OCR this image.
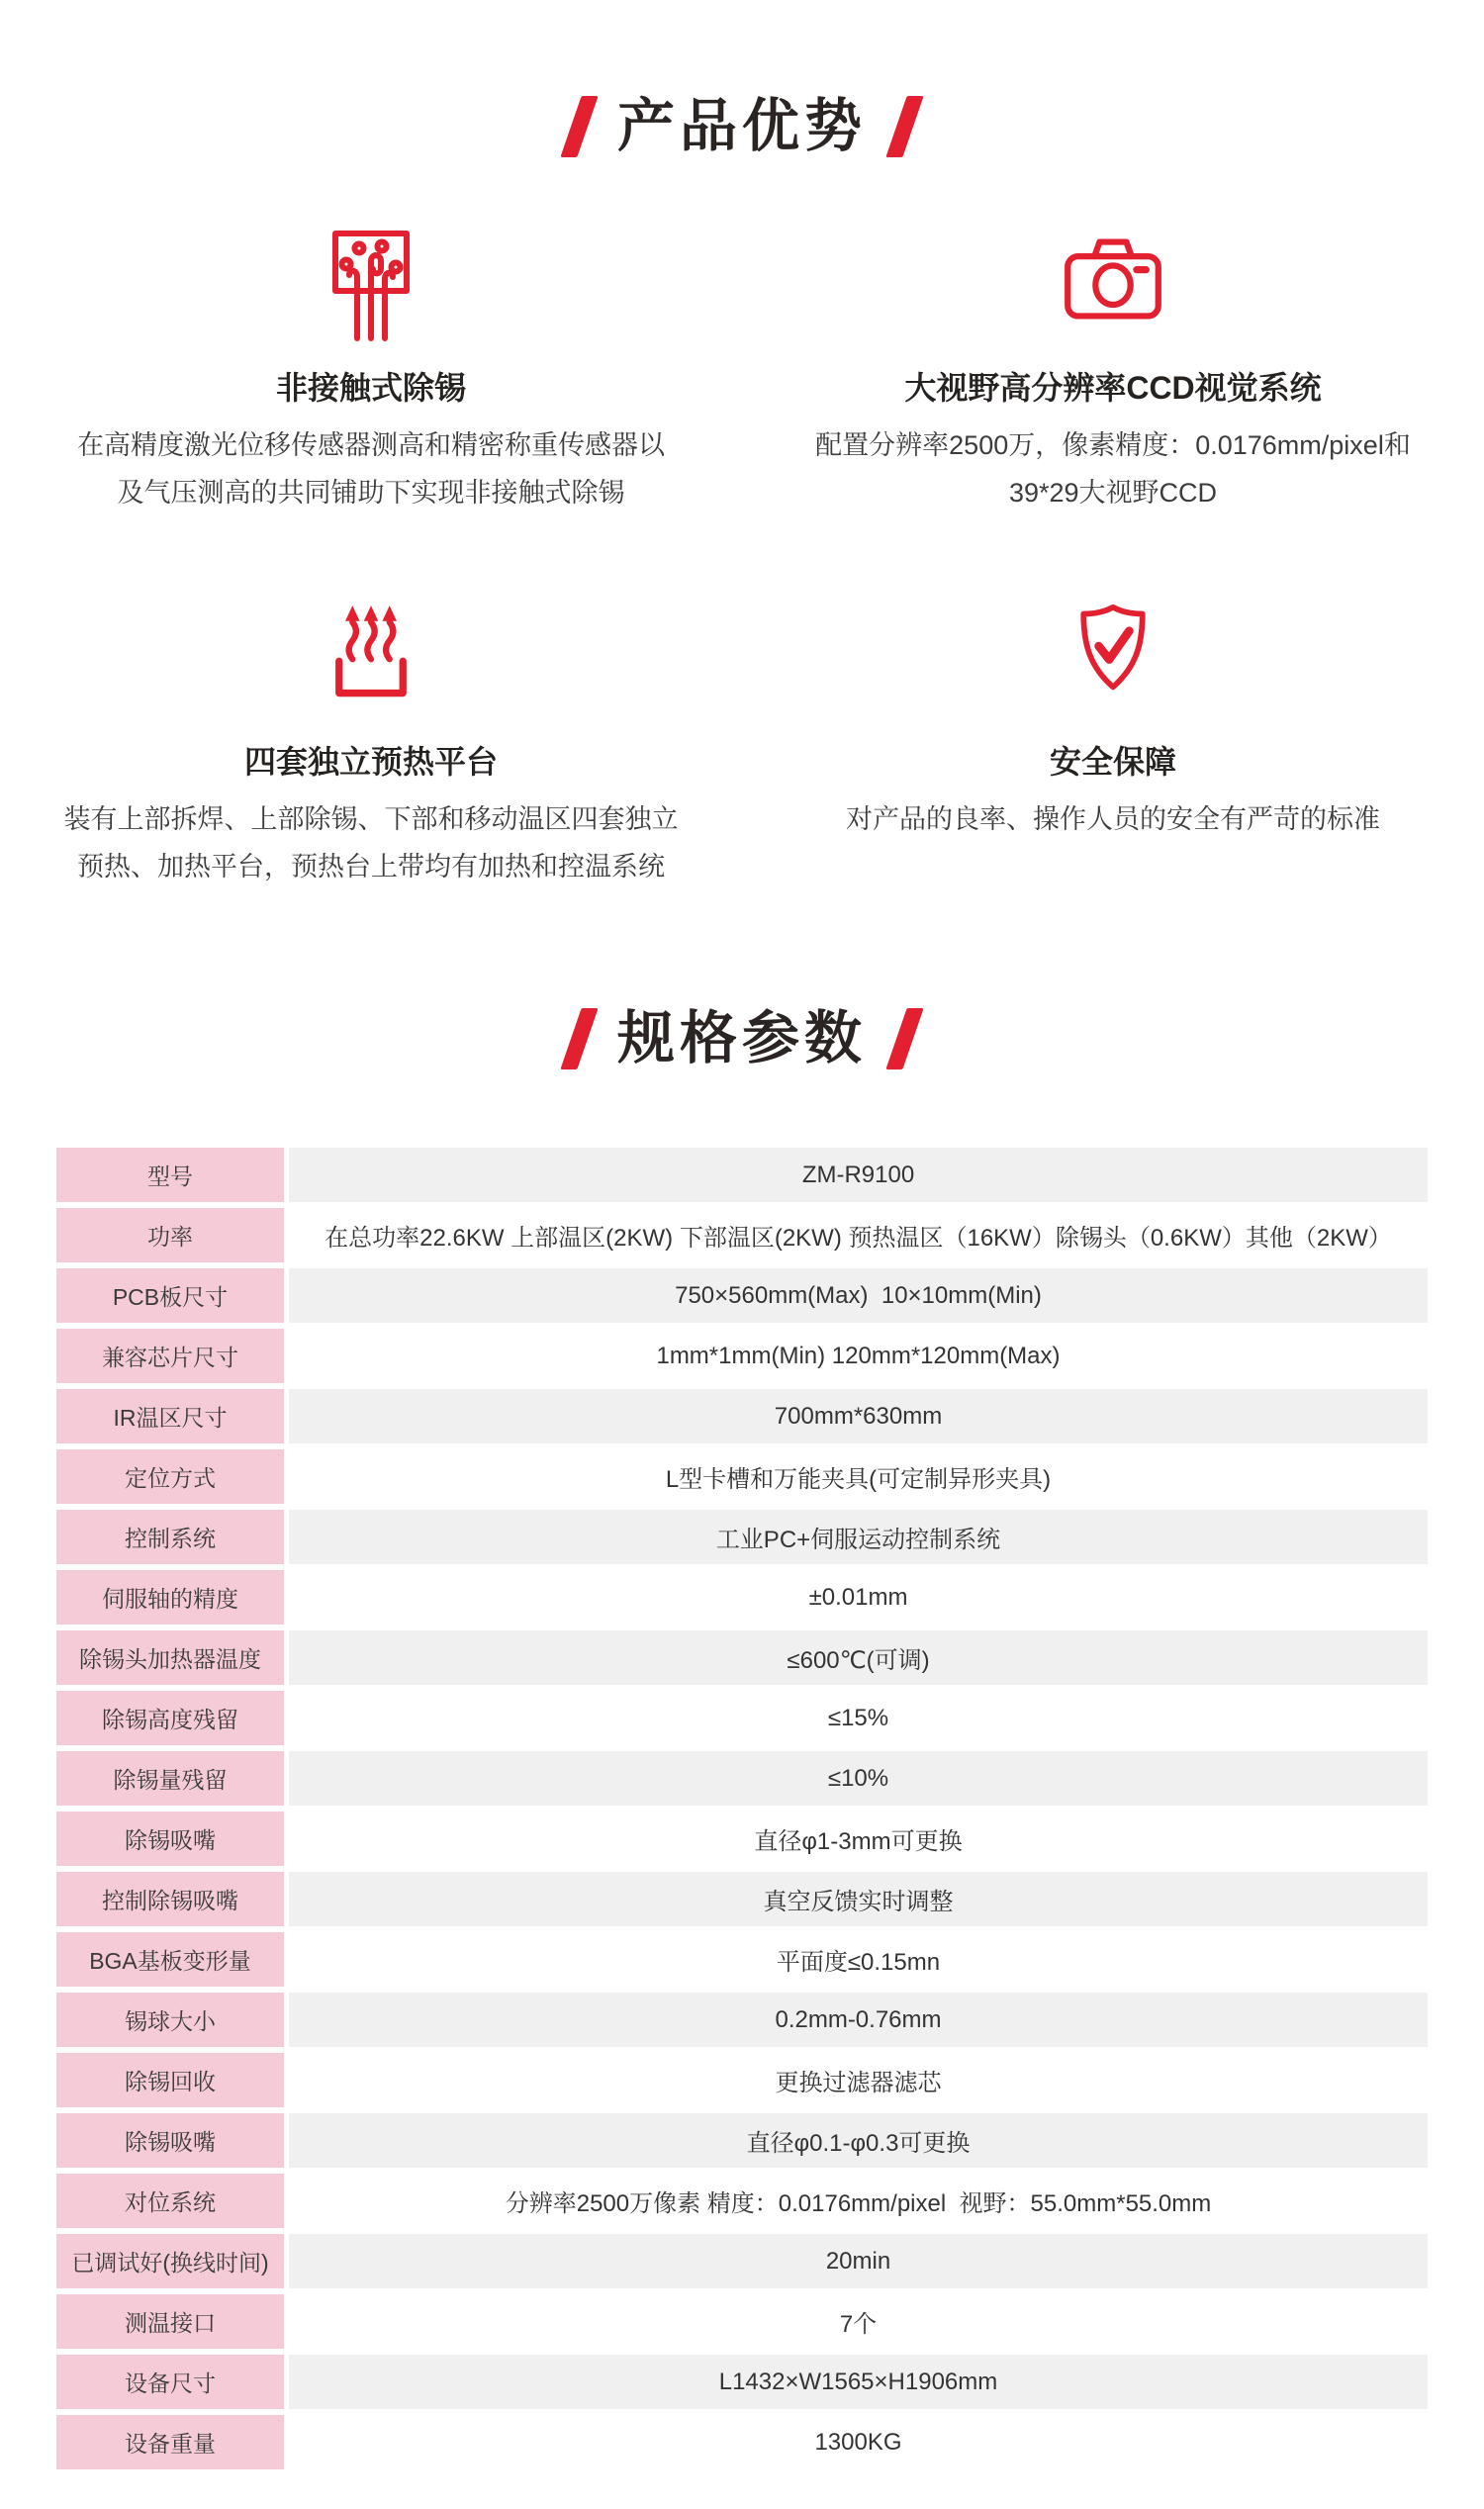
产品优势
非接触式除锡
在高精度激光位移传感器测高和精密称重传感器以
及气压测高的共同铺助下实现非接触式除锡
大视野高分辨率CCD视觉系统
配置分辨率2500万，像素精度：0.0176mm/pixel和
39*29大视野CCD
四套独立预热平台
装有上部拆焊、上部除锡、下部和移动温区四套独立
预热、加热平台，预热台上带均有加热和控温系统
安全保障
对产品的良率、操作人员的安全有严苛的标准
规格参数
型号	ZM-R9100
功率	在总功率22.6KW 上部温区(2KW) 下部温区(2KW) 预热温区（16KW）除锡头（0.6KW）其他（2KW）
PCB板尺寸	750×560mm(Max)  10×10mm(Min)
兼容芯片尺寸	1mm*1mm(Min) 120mm*120mm(Max)
IR温区尺寸	700mm*630mm
定位方式	L型卡槽和万能夹具(可定制异形夹具)
控制系统	工业PC+伺服运动控制系统
伺服轴的精度	±0.01mm
除锡头加热器温度	≤600℃(可调)
除锡高度残留	≤15%
除锡量残留	≤10%
除锡吸嘴	直径φ1-3mm可更换
控制除锡吸嘴	真空反馈实时调整
BGA基板变形量	平面度≤0.15mn
锡球大小	0.2mm-0.76mm
除锡回收	更换过滤器滤芯
除锡吸嘴	直径φ0.1-φ0.3可更换
对位系统	分辨率2500万像素 精度：0.0176mm/pixel  视野：55.0mm*55.0mm
已调试好(换线时间)	20min
测温接口	7个
设备尺寸	L1432×W1565×H1906mm
设备重量	1300KG
